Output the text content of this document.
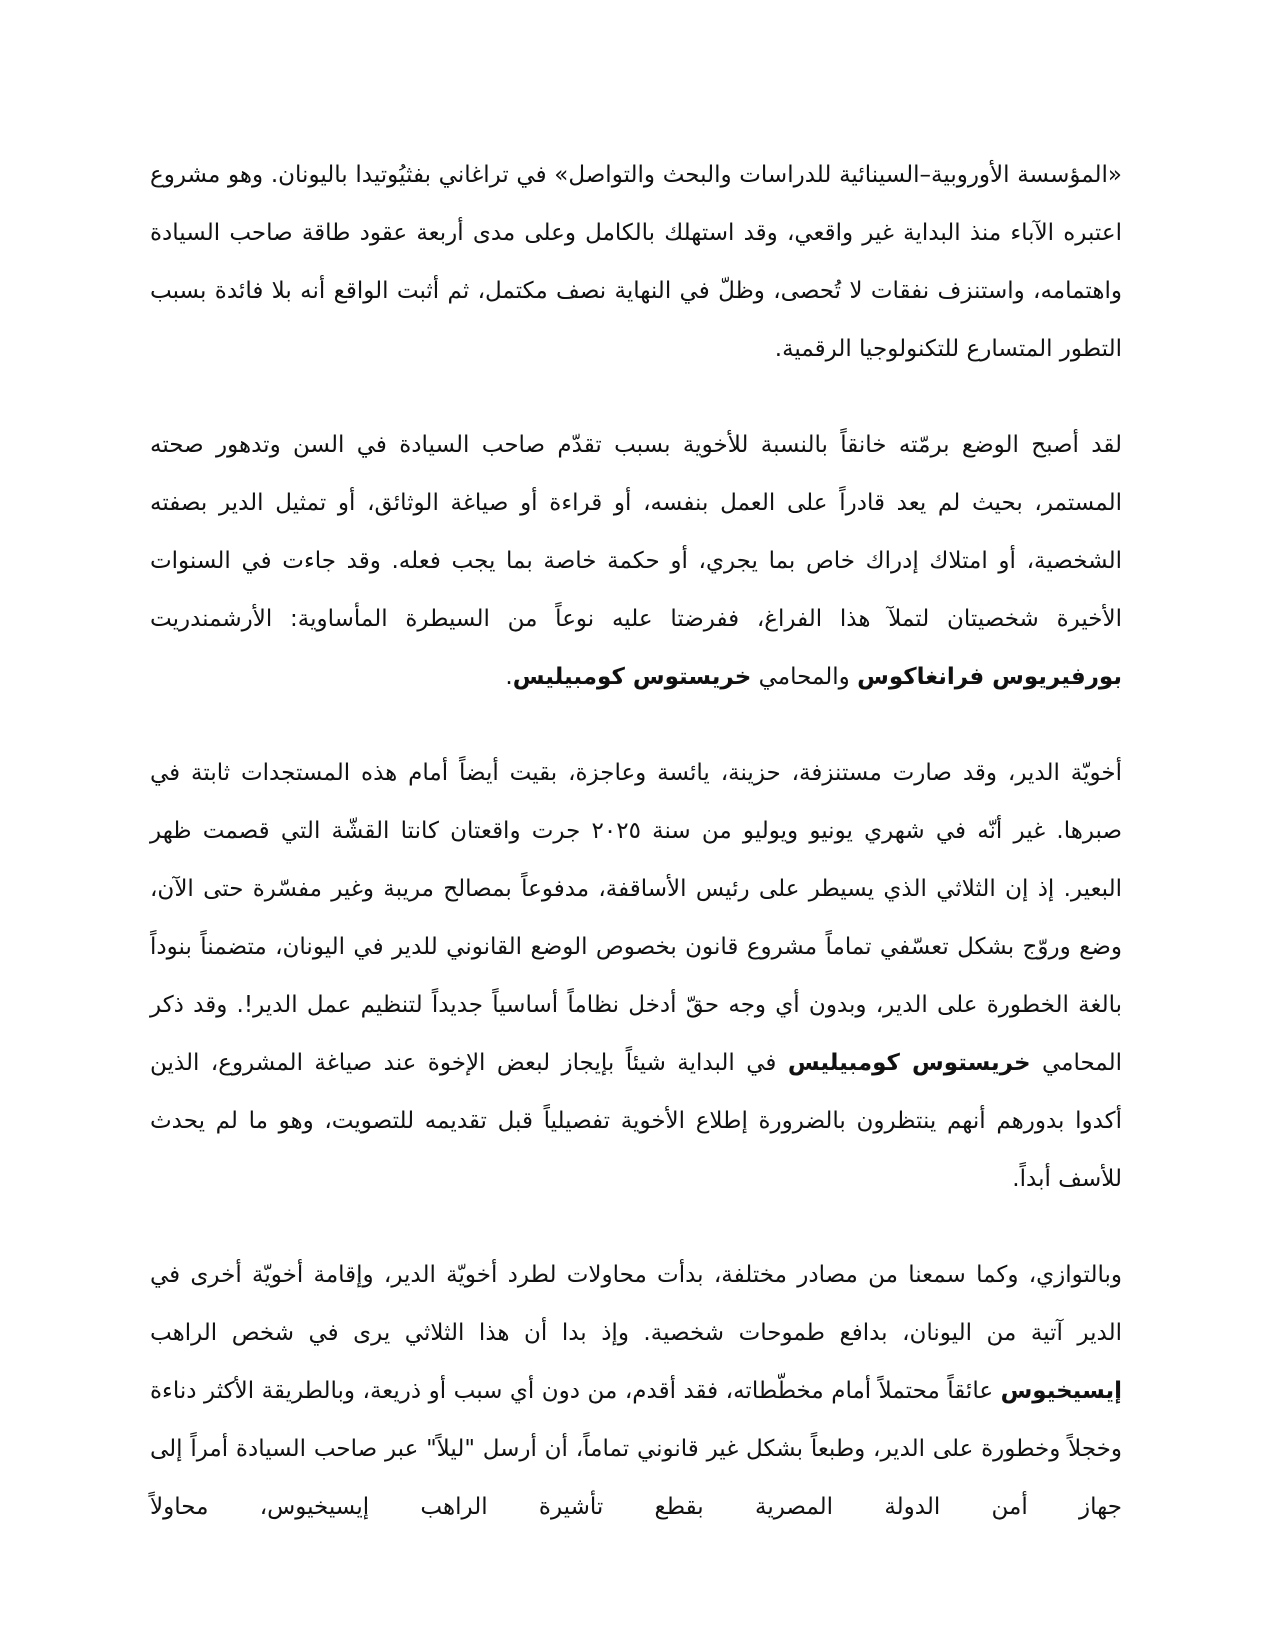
«المؤسسة الأوروبية–السينائية للدراسات والبحث والتواصل» في تراغاني بفثيُوتيدا باليونان. وهو مشروع اعتبره الآباء منذ البداية غير واقعي، وقد استهلك بالكامل وعلى مدى أربعة عقود طاقة صاحب السيادة واهتمامه، واستنزف نفقات لا تُحصى، وظلّ في النهاية نصف مكتمل، ثم أثبت الواقع أنه بلا فائدة بسبب التطور المتسارع للتكنولوجيا الرقمية.

لقد أصبح الوضع برمّته خانقاً بالنسبة للأخوية بسبب تقدّم صاحب السيادة في السن وتدهور صحته المستمر، بحيث لم يعد قادراً على العمل بنفسه، أو قراءة أو صياغة الوثائق، أو تمثيل الدير بصفته الشخصية، أو امتلاك إدراك خاص بما يجري، أو حكمة خاصة بما يجب فعله. وقد جاءت في السنوات الأخيرة شخصيتان لتملآ هذا الفراغ، ففرضتا عليه نوعاً من السيطرة المأساوية: الأرشمندريت بورفيريوس فرانغاكوس والمحامي خريستوس كومبيليس.

أخويّة الدير، وقد صارت مستنزفة، حزينة، يائسة وعاجزة، بقيت أيضاً أمام هذه المستجدات ثابتة في صبرها. غير أنّه في شهري يونيو ويوليو من سنة ٢٠٢٥ جرت واقعتان كانتا القشّة التي قصمت ظهر البعير. إذ إن الثلاثي الذي يسيطر على رئيس الأساقفة، مدفوعاً بمصالح مريبة وغير مفسّرة حتى الآن، وضع وروّج بشكل تعسّفي تماماً مشروع قانون بخصوص الوضع القانوني للدير في اليونان، متضمناً بنوداً بالغة الخطورة على الدير، وبدون أي وجه حقّ أدخل نظاماً أساسياً جديداً لتنظيم عمل الدير!. وقد ذكر المحامي خريستوس كومبيليس في البداية شيئاً بإيجاز لبعض الإخوة عند صياغة المشروع، الذين أكدوا بدورهم أنهم ينتظرون بالضرورة إطلاع الأخوية تفصيلياً قبل تقديمه للتصويت، وهو ما لم يحدث للأسف أبداً.

وبالتوازي، وكما سمعنا من مصادر مختلفة، بدأت محاولات لطرد أخويّة الدير، وإقامة أخويّة أخرى في الدير آتية من اليونان، بدافع طموحات شخصية. وإذ بدا أن هذا الثلاثي يرى في شخص الراهب إيسيخيوس عائقاً محتملاً أمام مخطّطاته، فقد أقدم، من دون أي سبب أو ذريعة، وبالطريقة الأكثر دناءة وخجلاً وخطورة على الدير، وطبعاً بشكل غير قانوني تماماً، أن أرسل "ليلاً" عبر صاحب السيادة أمراً إلى جهاز أمن الدولة المصرية بقطع تأشيرة الراهب إيسيخيوس، محاولاً
